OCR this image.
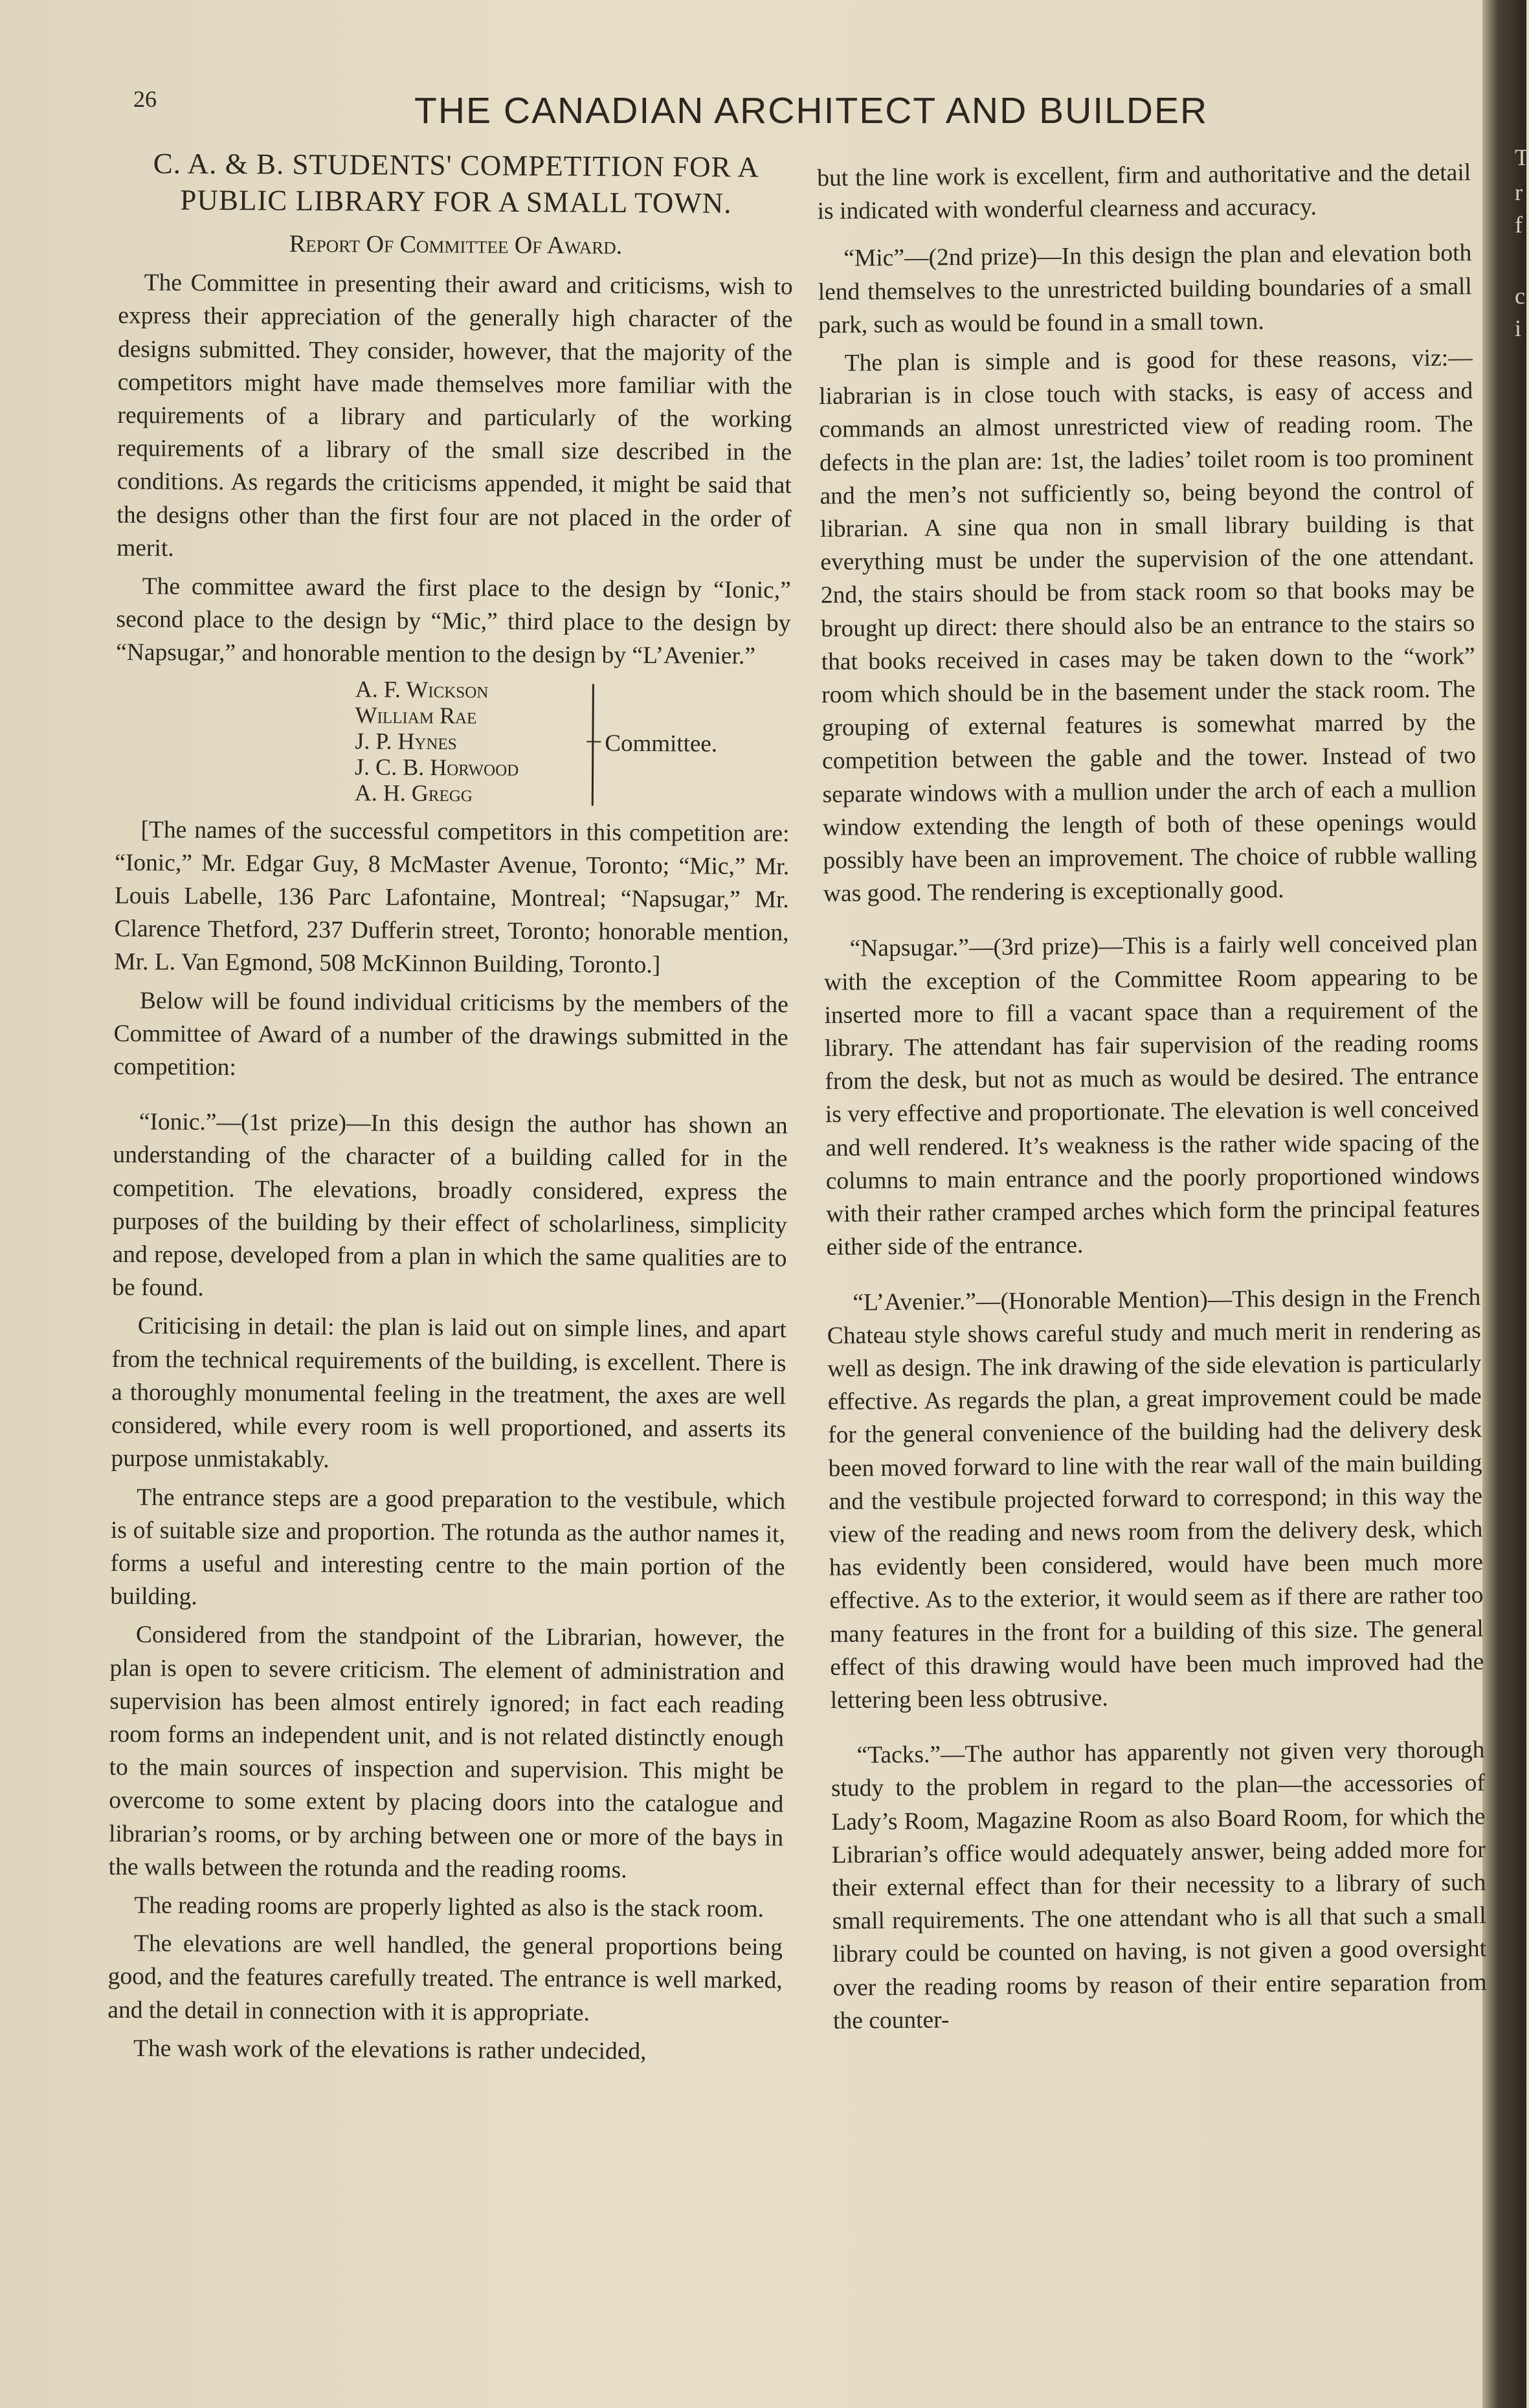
T
r
f
c
i
26	THE CANADIAN ARCHITECT AND BUILDER
C. A. & B. STUDENTS' COMPETITION FOR A
PUBLIC LIBRARY FOR A SMALL TOWN.
Report Of Committee Of Award.

The Committee in presenting their award and criticisms, wish to express their appreciation of the generally high character of the designs submitted. They consider, however, that the majority of the competitors might have made themselves more familiar with the requirements of a library and particularly of the working requirements of a library of the small size described in the conditions. As regards the criticisms appended, it might be said that the designs other than the first four are not placed in the order of merit.

The committee award the first place to the design by “Ionic,” second place to the design by “Mic,” third place to the design by “Napsugar,” and honorable mention to the design by “L’Avenier.”

A. F. Wickson
William Rae
J. P. Hynes
J. C. B. Horwood
A. H. Gregg
Committee.

[The names of the successful competitors in this competition are: “Ionic,” Mr. Edgar Guy, 8 McMaster Avenue, Toronto; “Mic,” Mr. Louis Labelle, 136 Parc Lafontaine, Montreal; “Napsugar,” Mr. Clarence Thetford, 237 Dufferin street, Toronto; honorable mention, Mr. L. Van Egmond, 508 McKinnon Building, Toronto.]

Below will be found individual criticisms by the members of the Committee of Award of a number of the drawings submitted in the competition:

“Ionic.”—(1st prize)—In this design the author has shown an understanding of the character of a building called for in the competition. The elevations, broadly considered, express the purposes of the building by their effect of scholarliness, simplicity and repose, developed from a plan in which the same qualities are to be found.

Criticising in detail: the plan is laid out on simple lines, and apart from the technical requirements of the building, is excellent. There is a thoroughly monumental feeling in the treatment, the axes are well considered, while every room is well proportioned, and asserts its purpose unmistakably.

The entrance steps are a good preparation to the vestibule, which is of suitable size and proportion. The rotunda as the author names it, forms a useful and interesting centre to the main portion of the building.

Considered from the standpoint of the Librarian, however, the plan is open to severe criticism. The element of administration and supervision has been almost entirely ignored; in fact each reading room forms an independent unit, and is not related distinctly enough to the main sources of inspection and supervision. This might be overcome to some extent by placing doors into the catalogue and librarian’s rooms, or by arching between one or more of the bays in the walls between the rotunda and the reading rooms.

The reading rooms are properly lighted as also is the stack room.

The elevations are well handled, the general proportions being good, and the features carefully treated. The entrance is well marked, and the detail in connection with it is appropriate.

The wash work of the elevations is rather undecided,

but the line work is excellent, firm and authoritative and the detail is indicated with wonderful clearness and accuracy.

“Mic”—(2nd prize)—In this design the plan and elevation both lend themselves to the unrestricted building boundaries of a small park, such as would be found in a small town.

The plan is simple and is good for these reasons, viz:—liabrarian is in close touch with stacks, is easy of access and commands an almost unrestricted view of reading room. The defects in the plan are: 1st, the ladies’ toilet room is too prominent and the men’s not sufficiently so, being beyond the control of librarian. A sine qua non in small library building is that everything must be under the supervision of the one attendant. 2nd, the stairs should be from stack room so that books may be brought up direct: there should also be an entrance to the stairs so that books received in cases may be taken down to the “work” room which should be in the basement under the stack room. The grouping of external features is somewhat marred by the competition between the gable and the tower. Instead of two separate windows with a mullion under the arch of each a mullion window extending the length of both of these openings would possibly have been an improvement. The choice of rubble walling was good. The rendering is exceptionally good.

“Napsugar.”—(3rd prize)—This is a fairly well conceived plan with the exception of the Committee Room appearing to be inserted more to fill a vacant space than a requirement of the library. The attendant has fair supervision of the reading rooms from the desk, but not as much as would be desired. The entrance is very effective and proportionate. The elevation is well conceived and well rendered. It’s weakness is the rather wide spacing of the columns to main entrance and the poorly proportioned windows with their rather cramped arches which form the principal features either side of the entrance.

“L’Avenier.”—(Honorable Mention)—This design in the French Chateau style shows careful study and much merit in rendering as well as design. The ink drawing of the side elevation is particularly effective. As regards the plan, a great improvement could be made for the general convenience of the building had the delivery desk been moved forward to line with the rear wall of the main building and the vestibule projected forward to correspond; in this way the view of the reading and news room from the delivery desk, which has evidently been considered, would have been much more effective. As to the exterior, it would seem as if there are rather too many features in the front for a building of this size. The general effect of this drawing would have been much improved had the lettering been less obtrusive.

“Tacks.”—The author has apparently not given very thorough study to the problem in regard to the plan—the accessories of Lady’s Room, Magazine Room as also Board Room, for which the Librarian’s office would adequately answer, being added more for their external effect than for their necessity to a library of such small requirements. The one attendant who is all that such a small library could be counted on having, is not given a good oversight over the reading rooms by reason of their entire separation from the counter-
